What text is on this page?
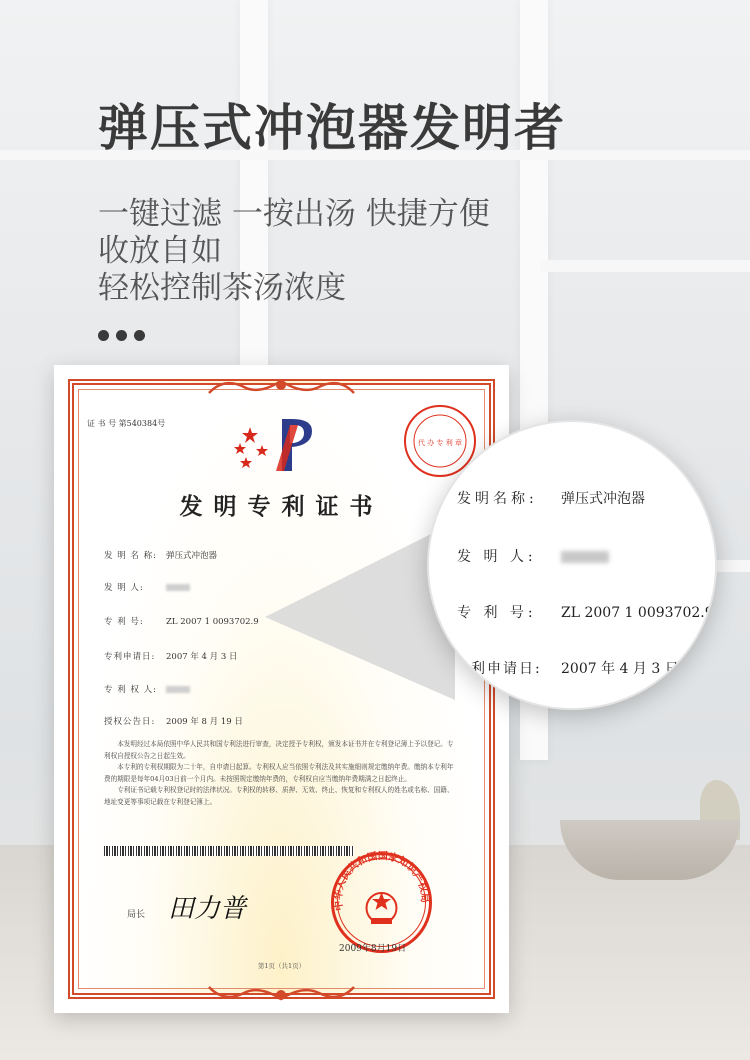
弹压式冲泡器发明者
一键过滤 一按出汤 快捷方便
收放自如
轻松控制茶汤浓度
证 书 号 第540384号
代 办 专 利 章
发明专利证书
发 明 名 称: 弹压式冲泡器
发 明 人:
专 利 号:	ZL 2007 1 0093702.9
专利申请日: 2007 年 4 月 3 日
专 利 权 人:
授权公告日: 2009 年 8 月 19 日

本发明经过本局依照中华人民共和国专利法进行审查，决定授予专利权，颁发本证书并在专利登记簿上予以登记。专利权自授权公告之日起生效。

本专利的专利权期限为二十年，自申请日起算。专利权人应当依照专利法及其实施细则规定缴纳年费。缴纳本专利年费的期限是每年04月03日前一个月内。未按照规定缴纳年费的，专利权自应当缴纳年费期满之日起终止。

专利证书记载专利权登记时的法律状况。专利权的转移、质押、无效、终止、恢复和专利权人的姓名或名称、国籍、地址变更等事项记载在专利登记簿上。

局长 田力普	中华人民共和国国家知识产权局
2009年8月19日
第1页（共1页）
发明名称: 弹压式冲泡器
发 明 人:
专 利 号: ZL 2007 1 0093702.9
利申请日: 2007 年 4 月 3 日
